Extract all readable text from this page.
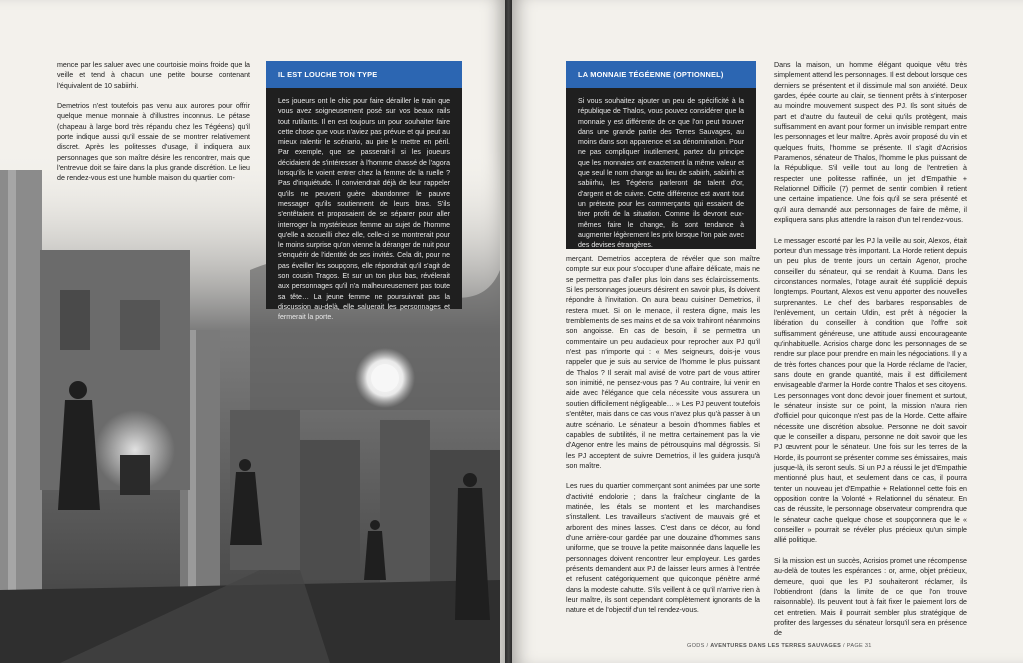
mence par les saluer avec une courtoisie moins froide que la veille et tend à chacun une petite bourse contenant l'équivalent de 10 sabiirhi.

Demetrios n'est toutefois pas venu aux aurores pour offrir quelque menue monnaie à d'illustres inconnus. Le pétase (chapeau à large bord très répandu chez les Tégéens) qu'il porte indique aussi qu'il essaie de se montrer relativement discret. Après les politesses d'usage, il indiquera aux personnages que son maître désire les rencontrer, mais que l'entrevue doit se faire dans la plus grande discrétion. Le lieu de rendez-vous est une humble maison du quartier com-

IL EST LOUCHE TON TYPE
Les joueurs ont le chic pour faire dérailler le train que vous avez soigneusement posé sur vos beaux rails tout rutilants. Il en est toujours un pour souhaiter faire cette chose que vous n'aviez pas prévue et qui peut au mieux ralentir le scénario, au pire le mettre en péril. Par exemple, que se passerait-il si les joueurs décidaient de s'intéresser à l'homme chassé de l'agora lorsqu'ils le voient entrer chez la femme de la ruelle ? Pas d'inquiétude. Il conviendrait déjà de leur rappeler qu'ils ne peuvent guère abandonner le pauvre messager qu'ils soutiennent de leurs bras. S'ils s'entêtaient et proposaient de se séparer pour aller interroger la mystérieuse femme au sujet de l'homme qu'elle a accueilli chez elle, celle-ci se montrerait pour le moins surprise qu'on vienne la déranger de nuit pour s'enquérir de l'identité de ses invités. Cela dit, pour ne pas éveiller les soupçons, elle répondrait qu'il s'agit de son cousin Tragos. Et sur un ton plus bas, révélerait aux personnages qu'il n'a malheureusement pas toute sa tête… La jeune femme ne poursuivrait pas la discussion au-delà, elle saluerait les personnages et fermerait la porte.
LA MONNAIE TÉGÉENNE (OPTIONNEL)
Si vous souhaitez ajouter un peu de spécificité à la république de Thalos, vous pouvez considérer que la monnaie y est différente de ce que l'on peut trouver dans une grande partie des Terres Sauvages, au moins dans son apparence et sa dénomination. Pour ne pas compliquer inutilement, partez du principe que les monnaies ont exactement la même valeur et que seul le nom change au lieu de sabiirh, sabiirhi et sabiirhu, les Tégéens parleront de talent d'or, d'argent et de cuivre. Cette différence est avant tout un prétexte pour les commerçants qui essaient de tirer profit de la situation. Comme ils devront eux-mêmes faire le change, ils sont tendance à augmenter légèrement les prix lorsque l'on paie avec des devises étrangères.

merçant. Demetrios acceptera de révéler que son maître compte sur eux pour s'occuper d'une affaire délicate, mais ne se permettra pas d'aller plus loin dans ses éclaircissements. Si les personnages joueurs désirent en savoir plus, ils doivent répondre à l'invitation. On aura beau cuisiner Demetrios, il restera muet. Si on le menace, il restera digne, mais les tremblements de ses mains et de sa voix trahiront néanmoins son angoisse. En cas de besoin, il se permettra un commentaire un peu audacieux pour reprocher aux PJ qu'il n'est pas n'importe qui : « Mes seigneurs, dois-je vous rappeler que je suis au service de l'homme le plus puissant de Thalos ? Il serait mal avisé de votre part de vous attirer son inimitié, ne pensez-vous pas ? Au contraire, lui venir en aide avec l'élégance que cela nécessite vous assurera un soutien difficilement négligeable… » Les PJ peuvent toutefois s'entêter, mais dans ce cas vous n'avez plus qu'à passer à un autre scénario. Le sénateur a besoin d'hommes fiables et capables de subtilités, il ne mettra certainement pas la vie d'Agenor entre les mains de pétrousquins mal dégrossis. Si les PJ acceptent de suivre Demetrios, il les guidera jusqu'à son maître.

Les rues du quartier commerçant sont animées par une sorte d'activité endolorie ; dans la fraîcheur cinglante de la matinée, les étals se montent et les marchandises s'installent. Les travailleurs s'activent de mauvais gré et arborent des mines lasses. C'est dans ce décor, au fond d'une arrière-cour gardée par une douzaine d'hommes sans uniforme, que se trouve la petite maisonnée dans laquelle les personnages doivent rencontrer leur employeur. Les gardes présents demandent aux PJ de laisser leurs armes à l'entrée et refusent catégoriquement que quiconque pénètre armé dans la modeste cahutte. S'ils veillent à ce qu'il n'arrive rien à leur maître, ils sont cependant complètement ignorants de la nature et de l'objectif d'un tel rendez-vous.

Dans la maison, un homme élégant quoique vêtu très simplement attend les personnages. Il est debout lorsque ces derniers se présentent et il dissimule mal son anxiété. Deux gardes, épée courte au clair, se tiennent prêts à s'interposer au moindre mouvement suspect des PJ. Ils sont situés de part et d'autre du fauteuil de celui qu'ils protègent, mais suffisamment en avant pour former un invisible rempart entre les personnages et leur maître. Après avoir proposé du vin et quelques fruits, l'homme se présente. Il s'agit d'Acrisios Paramenos, sénateur de Thalos, l'homme le plus puissant de la République. S'il veille tout au long de l'entretien à respecter une politesse raffinée, un jet d'Empathie + Relationnel Difficile (7) permet de sentir combien il retient une certaine impatience. Une fois qu'il se sera présenté et qu'il aura demandé aux personnages de faire de même, il expliquera sans plus attendre la raison d'un tel rendez-vous.

Le messager escorté par les PJ la veille au soir, Alexos, était porteur d'un message très important. La Horde retient depuis un peu plus de trente jours un certain Agenor, proche conseiller du sénateur, qui se rendait à Kuuma. Dans les circonstances normales, l'otage aurait été supplicié depuis longtemps. Pourtant, Alexos est venu apporter des nouvelles surprenantes. Le chef des barbares responsables de l'enlèvement, un certain Uldin, est prêt à négocier la libération du conseiller à condition que l'offre soit suffisamment généreuse, une attitude aussi encourageante qu'inhabituelle. Acrisios charge donc les personnages de se rendre sur place pour prendre en main les négociations. Il y a de très fortes chances pour que la Horde réclame de l'acier, sans doute en grande quantité, mais il est difficilement envisageable d'armer la Horde contre Thalos et ses citoyens. Les personnages vont donc devoir jouer finement et surtout, le sénateur insiste sur ce point, la mission n'aura rien d'officiel pour quiconque n'est pas de la Horde. Cette affaire nécessite une discrétion absolue. Personne ne doit savoir que le conseiller a disparu, personne ne doit savoir que les PJ œuvrent pour le sénateur. Une fois sur les terres de la Horde, ils pourront se présenter comme ses émissaires, mais jusque-là, ils seront seuls. Si un PJ a réussi le jet d'Empathie mentionné plus haut, et seulement dans ce cas, il pourra tenter un nouveau jet d'Empathie + Relationnel cette fois en opposition contre la Volonté + Relationnel du sénateur. En cas de réussite, le personnage observateur comprendra que le sénateur cache quelque chose et soupçonnera que le « conseiller » pourrait se révéler plus précieux qu'un simple allié politique.

Si la mission est un succès, Acrisios promet une récompense au-delà de toutes les espérances : or, arme, objet précieux, demeure, quoi que les PJ souhaiteront réclamer, ils l'obtiendront (dans la limite de ce que l'on trouve raisonnable). Ils peuvent tout à fait fixer le paiement lors de cet entretien. Mais il pourrait sembler plus stratégique de profiter des largesses du sénateur lorsqu'il sera en présence de

GODS / AVENTURES DANS LES TERRES SAUVAGES / PAGE 31
